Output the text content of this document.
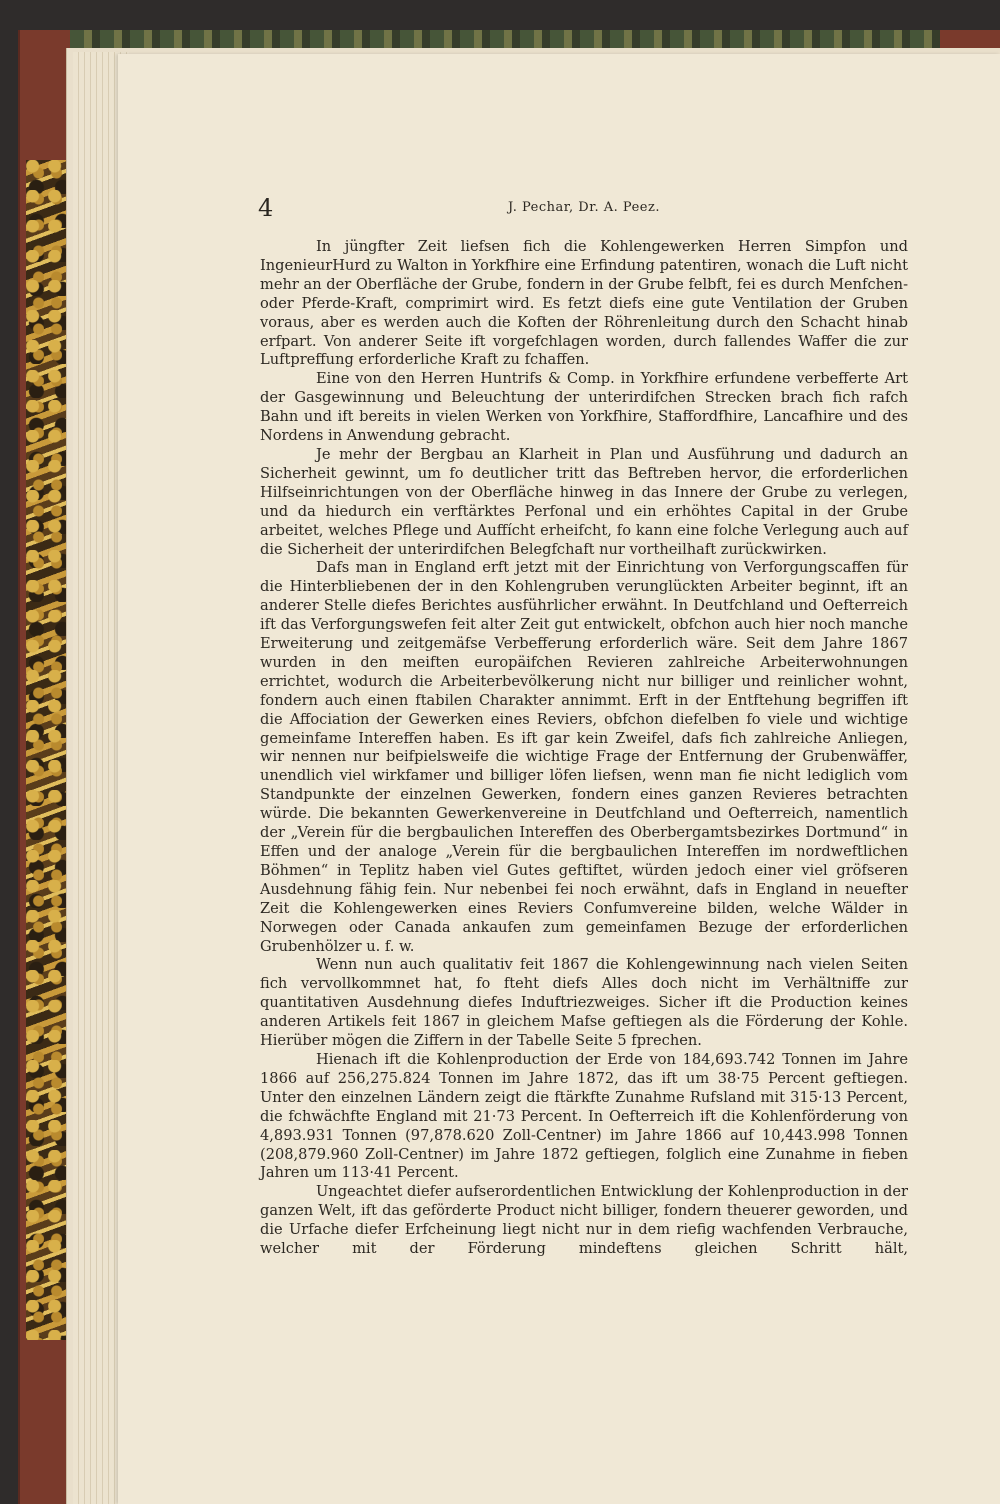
4	J. Pechar, Dr. A. Peez.

In jüngfter Zeit liefsen fich die Kohlengewerken Herren Simpfon und IngenieurHurd zu Walton in Yorkfhire eine Erfindung patentiren, wonach die Luft nicht mehr an der Oberfläche der Grube, fondern in der Grube felbft, fei es durch Menfchen- oder Pferde-Kraft, comprimirt wird. Es fetzt diefs eine gute Ventilation der Gruben voraus, aber es werden auch die Koften der Röhrenleitung durch den Schacht hinab erfpart. Von anderer Seite ift vorgefchlagen worden, durch fallendes Waffer die zur Luftpreffung erforderliche Kraft zu fchaffen.

Eine von den Herren Huntrifs & Comp. in Yorkfhire erfundene verbefferte Art der Gasgewinnung und Beleuchtung der unterirdifchen Strecken brach fich rafch Bahn und ift bereits in vielen Werken von Yorkfhire, Staffordfhire, Lancafhire und des Nordens in Anwendung gebracht.

Je mehr der Bergbau an Klarheit in Plan und Ausführung und dadurch an Sicherheit gewinnt, um fo deutlicher tritt das Beftreben hervor, die erforderlichen Hilfseinrichtungen von der Oberfläche hinweg in das Innere der Grube zu verlegen, und da hiedurch ein verftärktes Perfonal und ein erhöhtes Capital in der Grube arbeitet, welches Pflege und Auffícht erheifcht, fo kann eine folche Verlegung auch auf die Sicherheit der unterirdifchen Belegfchaft nur vortheilhaft zurückwirken.

Dafs man in England erft jetzt mit der Einrichtung von Verforgungscaffen für die Hinterbliebenen der in den Kohlengruben verunglückten Arbeiter beginnt, ift an anderer Stelle diefes Berichtes ausführlicher erwähnt. In Deutfchland und Oefterreich ift das Verforgungswefen feit alter Zeit gut entwickelt, obfchon auch hier noch manche Erweiterung und zeitgemäfse Verbefferung erforderlich wäre. Seit dem Jahre 1867 wurden in den meiften europäifchen Revieren zahlreiche Arbeiterwohnungen errichtet, wodurch die Arbeiterbevölkerung nicht nur billiger und reinlicher wohnt, fondern auch einen ftabilen Charakter annimmt. Erft in der Entftehung begriffen ift die Affociation der Gewerken eines Reviers, obfchon diefelben fo viele und wichtige gemeinfame Intereffen haben. Es ift gar kein Zweifel, dafs fich zahlreiche Anliegen, wir nennen nur beifpielsweife die wichtige Frage der Entfernung der Grubenwäffer, unendlich viel wirkfamer und billiger löfen liefsen, wenn man fie nicht lediglich vom Standpunkte der einzelnen Gewerken, fondern eines ganzen Revieres betrachten würde. Die bekannten Gewerkenvereine in Deutfchland und Oefterreich, namentlich der „Verein für die bergbaulichen Intereffen des Oberbergamtsbezirkes Dortmund“ in Effen und der analoge „Verein für die bergbaulichen Intereffen im nordweftlichen Böhmen“ in Teplitz haben viel Gutes geftiftet, würden jedoch einer viel gröfseren Ausdehnung fähig fein. Nur nebenbei fei noch erwähnt, dafs in England in neuefter Zeit die Kohlengewerken eines Reviers Confumvereine bilden, welche Wälder in Norwegen oder Canada ankaufen zum gemeinfamen Bezuge der erforderlichen Grubenhölzer u. f. w.

Wenn nun auch qualitativ feit 1867 die Kohlengewinnung nach vielen Seiten fich vervollkommnet hat, fo fteht diefs Alles doch nicht im Verhältniffe zur quantitativen Ausdehnung diefes Induftriezweiges. Sicher ift die Production keines anderen Artikels feit 1867 in gleichem Mafse geftiegen als die Förderung der Kohle. Hierüber mögen die Ziffern in der Tabelle Seite 5 fprechen.

Hienach ift die Kohlenproduction der Erde von 184,693.742 Tonnen im Jahre 1866 auf 256,275.824 Tonnen im Jahre 1872, das ift um 38·75 Percent geftiegen. Unter den einzelnen Ländern zeigt die ftärkfte Zunahme Rufsland mit 315·13 Percent, die fchwächfte England mit 21·73 Percent. In Oefterreich ift die Kohlenförderung von 4,893.931 Tonnen (97,878.620 Zoll-Centner) im Jahre 1866 auf 10,443.998 Tonnen (208,879.960 Zoll-Centner) im Jahre 1872 geftiegen, folglich eine Zunahme in fieben Jahren um 113·41 Percent.

Ungeachtet diefer aufserordentlichen Entwicklung der Kohlenproduction in der ganzen Welt, ift das geförderte Product nicht billiger, fondern theuerer geworden, und die Urfache diefer Erfcheinung liegt nicht nur in dem riefig wachfenden Verbrauche, welcher mit der Förderung mindeftens gleichen Schritt hält,
